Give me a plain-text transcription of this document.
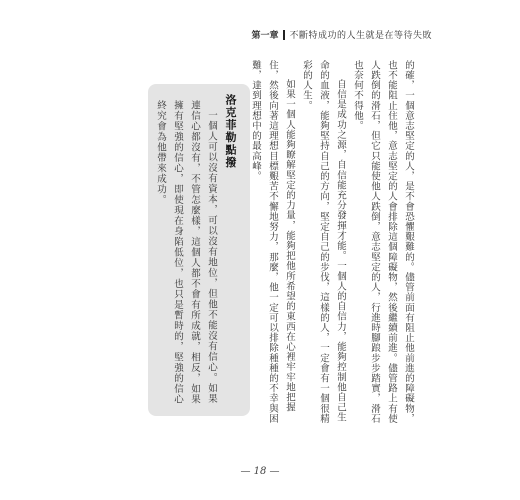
第一章 不斷特成功的人生就是在等待失敗

的確，一個意志堅定的人，是不會恐懼艱難的。儘管前面有阻止他前進的障礙物，也不能阻止住他，意志堅定的人會排除這個障礙物，然後繼續前進。儘管路上有使人跌倒的滑石，但它只能使他人跌倒，意志堅定的人，行進時腳踉步步踏實，滑石也奈何不得他。

自信是成功之源，自信能充分發揮才能。一個人的自信力，能夠控制他自己生命的血液，能夠堅持自己的方向，堅定自己的步伐，這樣的人，一定會有一個很精彩的人生。

如果一個人能夠瞭解堅定的力量，能夠把他所希望的東西在心裡牢牢地把握住，然後向著這理想目標艱苦不懈地努力，那麼，他一定可以排除種種的不幸與困難，達到理想中的最高峰。

洛克菲勒點撥

一個人可以沒有資本，可以沒有地位，但他不能沒有信心。如果連信心都沒有，不管怎麼樣，這個人都不會有所成就，相反，如果擁有堅強的信心，即使現在身陷低位，也只是暫時的，堅強的信心終究會為他帶來成功。

— 18 —
